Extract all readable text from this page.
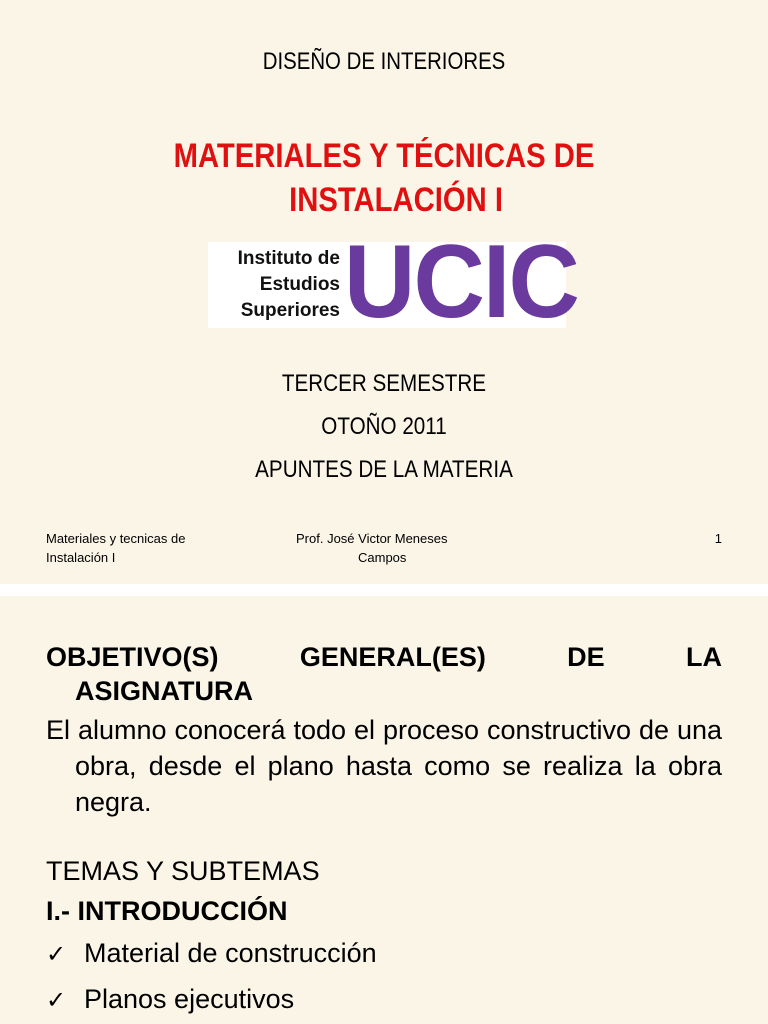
DISEÑO DE INTERIORES
MATERIALES Y TÉCNICAS DE
INSTALACIÓN I
Instituto de
Estudios
Superiores UCIC
TERCER SEMESTRE
OTOÑO 2011
APUNTES DE LA MATERIA
Materiales y tecnicas de
Instalación I
Prof. José Victor Meneses
Campos
1
OBJETIVO(S) GENERAL(ES) DE LA
ASIGNATURA
El alumno conocerá todo el proceso constructivo de una obra, desde el plano hasta como se realiza la obra negra.
TEMAS Y SUBTEMAS
I.- INTRODUCCIÓN
✓ Material de construcción
✓ Planos ejecutivos
